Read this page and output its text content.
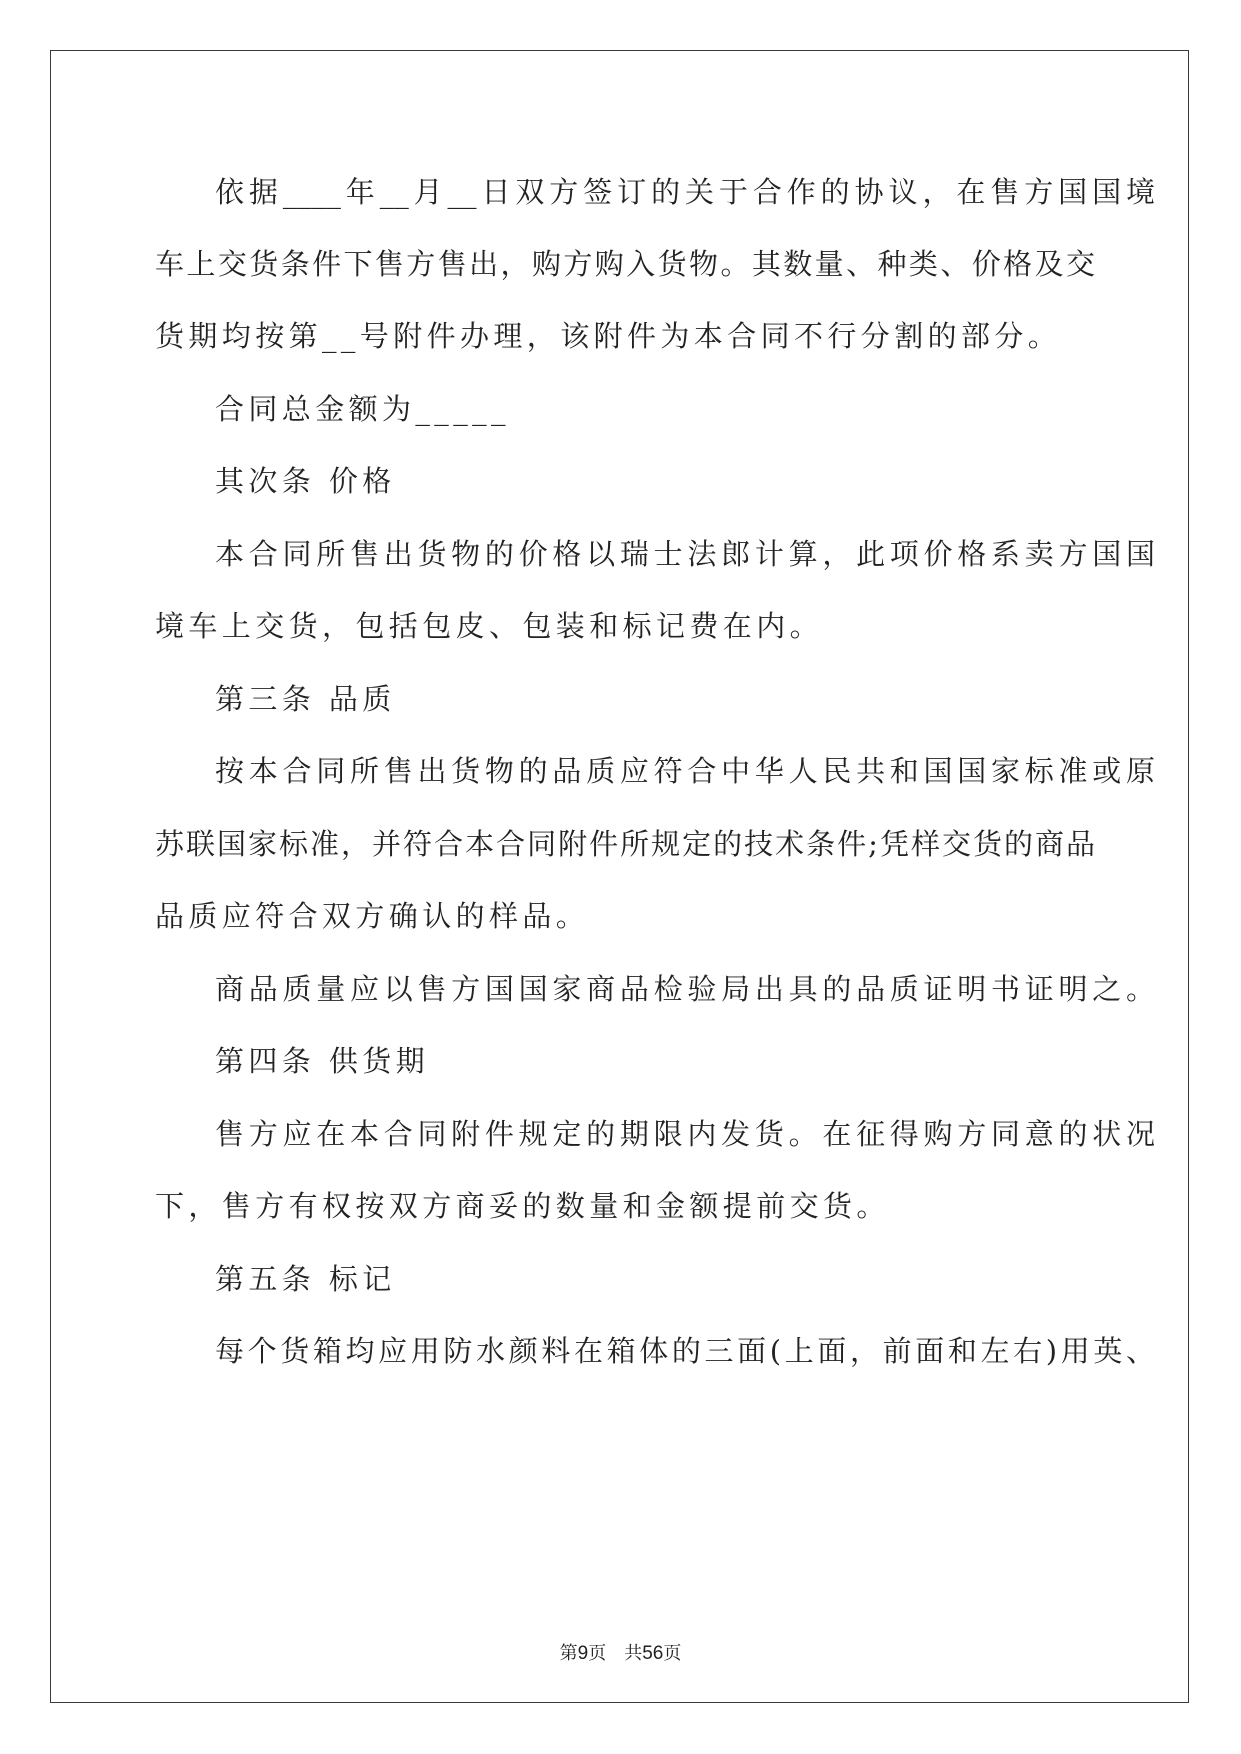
依据____年__月__日双方签订的关于合作的协议，在售方国国境

车上交货条件下售方售出，购方购入货物。其数量、种类、价格及交

货期均按第__号附件办理，该附件为本合同不行分割的部分。

合同总金额为_____

其次条 价格

本合同所售出货物的价格以瑞士法郎计算，此项价格系卖方国国

境车上交货，包括包皮、包装和标记费在内。

第三条 品质

按本合同所售出货物的品质应符合中华人民共和国国家标准或原

苏联国家标准，并符合本合同附件所规定的技术条件;凭样交货的商品

品质应符合双方确认的样品。

商品质量应以售方国国家商品检验局出具的品质证明书证明之。

第四条 供货期

售方应在本合同附件规定的期限内发货。在征得购方同意的状况

下，售方有权按双方商妥的数量和金额提前交货。

第五条 标记

每个货箱均应用防水颜料在箱体的三面(上面，前面和左右)用英、

第9页 共56页
